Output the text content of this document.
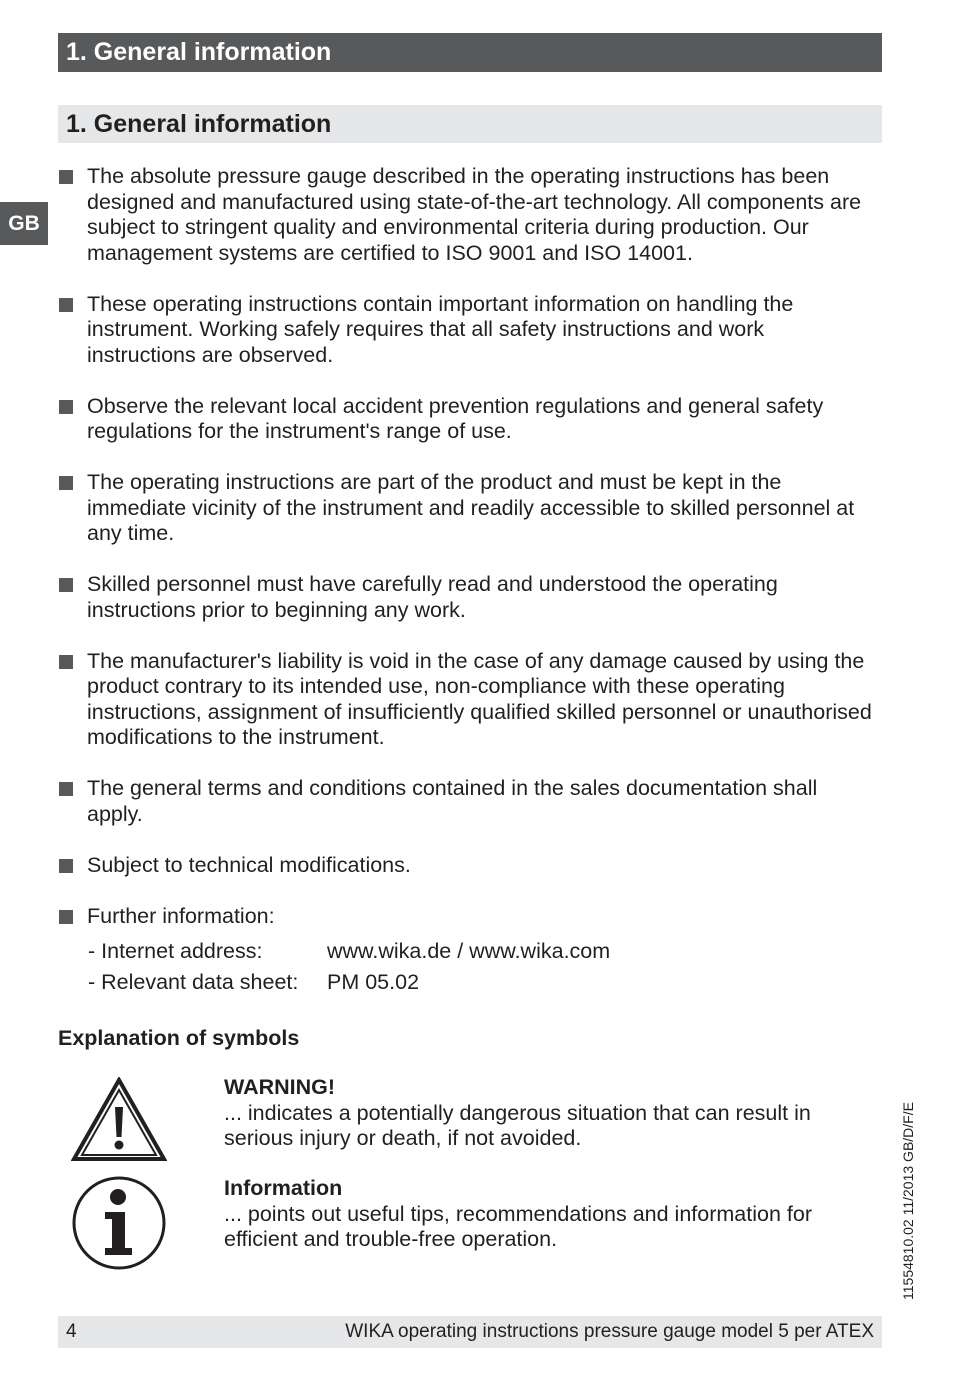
1. General information
1. General information
GB
The absolute pressure gauge described in the operating instructions has been designed and manufactured using state-of-the-art technology. All components are subject to stringent quality and environmental criteria during production. Our management systems are certified to ISO 9001 and ISO 14001.
These operating instructions contain important information on handling the instrument. Working safely requires that all safety instructions and work instructions are observed.
Observe the relevant local accident prevention regulations and general safety regulations for the instrument's range of use.
The operating instructions are part of the product and must be kept in the immediate vicinity of the instrument and readily accessible to skilled personnel at any time.
Skilled personnel must have carefully read and understood the operating instructions prior to beginning any work.
The manufacturer's liability is void in the case of any damage caused by using the product contrary to its intended use, non-compliance with these operating instructions, assignment of insufficiently qualified skilled personnel or unauthorised modifications to the instrument.
The general terms and conditions contained in the sales documentation shall apply.
Subject to technical modifications.
Further information:
- Internet address:	www.wika.de / www.wika.com
- Relevant data sheet:	PM 05.02
Explanation of symbols
WARNING!
... indicates a potentially dangerous situation that can result in serious injury or death, if not avoided.
Information
... points out useful tips, recommendations and information for efficient and trouble-free operation.	11554810.02 11/2013 GB/D/F/E
4	WIKA operating instructions pressure gauge model 5 per ATEX
